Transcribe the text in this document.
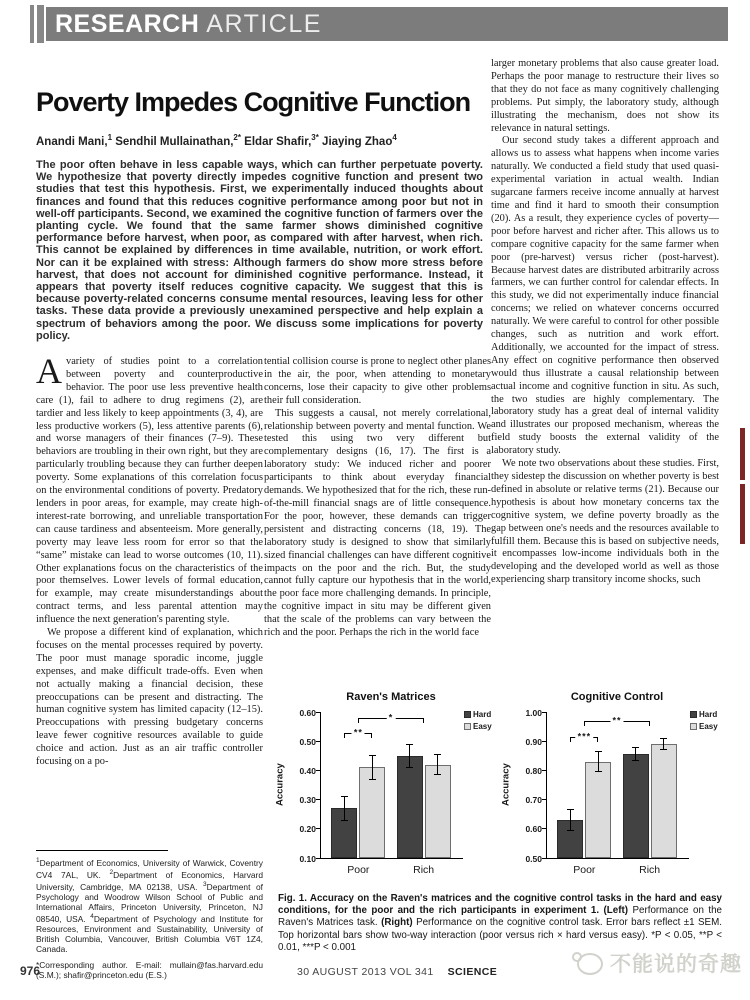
RESEARCH ARTICLE
Poverty Impedes Cognitive Function
Anandi Mani,$^1$ Sendhil Mullainathan,$^{2*}$ Eldar Shafir,$^{3*}$ Jiaying Zhao$^4$
The poor often behave in less capable ways, which can further perpetuate poverty. We hypothesize that poverty directly impedes cognitive function and present two studies that test this hypothesis. First, we experimentally induced thoughts about finances and found that this reduces cognitive performance among poor but not in well-off participants. Second, we examined the cognitive function of farmers over the planting cycle. We found that the same farmer shows diminished cognitive performance before harvest, when poor, as compared with after harvest, when rich. This cannot be explained by differences in time available, nutrition, or work effort. Nor can it be explained with stress: Although farmers do show more stress before harvest, that does not account for diminished cognitive performance. Instead, it appears that poverty itself reduces cognitive capacity. We suggest that this is because poverty-related concerns consume mental resources, leaving less for other tasks. These data provide a previously unexamined perspective and help explain a spectrum of behaviors among the poor. We discuss some implications for poverty policy.

Avariety of studies point to a correlation between poverty and counterproductive behavior. The poor use less preventive health care (1), fail to adhere to drug regimens (2), are tardier and less likely to keep appointments (3, 4), are less productive workers (5), less attentive parents (6), and worse managers of their finances (7–9). These behaviors are troubling in their own right, but they are particularly troubling because they can further deepen poverty. Some explanations of this correlation focus on the environmental conditions of poverty. Predatory lenders in poor areas, for example, may create high-interest-rate borrowing, and unreliable transportation can cause tardiness and absenteeism. More generally, poverty may leave less room for error so that the “same” mistake can lead to worse outcomes (10, 11). Other explanations focus on the characteristics of the poor themselves. Lower levels of formal education, for example, may create misunderstandings about contract terms, and less parental attention may influence the next generation's parenting style.

We propose a different kind of explanation, which focuses on the mental processes required by poverty. The poor must manage sporadic income, juggle expenses, and make difficult trade-offs. Even when not actually making a financial decision, these preoccupations can be present and distracting. The human cognitive system has limited capacity (12–15). Preoccupations with pressing budgetary concerns leave fewer cognitive resources available to guide choice and action. Just as an air traffic controller focusing on a po-

tential collision course is prone to neglect other planes in the air, the poor, when attending to monetary concerns, lose their capacity to give other problems their full consideration.

This suggests a causal, not merely correlational, relationship between poverty and mental function. We tested this using two very different but complementary designs (16, 17). The first is a laboratory study: We induced richer and poorer participants to think about everyday financial demands. We hypothesized that for the rich, these run-of-the-mill financial snags are of little consequence. For the poor, however, these demands can trigger persistent and distracting concerns (18, 19). The laboratory study is designed to show that similarly sized financial challenges can have different cognitive impacts on the poor and the rich. But, the study cannot fully capture our hypothesis that in the world, the poor face more challenging demands. In principle, the cognitive impact in situ may be different given that the scale of the problems can vary between the rich and the poor. Perhaps the rich in the world face

larger monetary problems that also cause greater load. Perhaps the poor manage to restructure their lives so that they do not face as many cognitively challenging problems. Put simply, the laboratory study, although illustrating the mechanism, does not show its relevance in natural settings.

Our second study takes a different approach and allows us to assess what happens when income varies naturally. We conducted a field study that used quasi-experimental variation in actual wealth. Indian sugarcane farmers receive income annually at harvest time and find it hard to smooth their consumption (20). As a result, they experience cycles of poverty—poor before harvest and richer after. This allows us to compare cognitive capacity for the same farmer when poor (pre-harvest) versus richer (post-harvest). Because harvest dates are distributed arbitrarily across farmers, we can further control for calendar effects. In this study, we did not experimentally induce financial concerns; we relied on whatever concerns occurred naturally. We were careful to control for other possible changes, such as nutrition and work effort. Additionally, we accounted for the impact of stress. Any effect on cognitive performance then observed would thus illustrate a causal relationship between actual income and cognitive function in situ. As such, the two studies are highly complementary. The laboratory study has a great deal of internal validity and illustrates our proposed mechanism, whereas the field study boosts the external validity of the laboratory study.

We note two observations about these studies. First, they sidestep the discussion on whether poverty is best defined in absolute or relative terms (21). Because our hypothesis is about how monetary concerns tax the cognitive system, we define poverty broadly as the gap between one's needs and the resources available to fulfill them. Because this is based on subjective needs, it encompasses low-income individuals both in the developing and the developed world as well as those experiencing sharp transitory income shocks, such

$^1$Department of Economics, University of Warwick, Coventry CV4 7AL, UK. $^2$Department of Economics, Harvard University, Cambridge, MA 02138, USA. $^3$Department of Psychology and Woodrow Wilson School of Public and International Affairs, Princeton University, Princeton, NJ 08540, USA. $^4$Department of Psychology and Institute for Resources, Environment and Sustainability, University of British Columbia, Vancouver, British Columbia V6T 1Z4, Canada.
*Corresponding author. E-mail: mullain@fas.harvard.edu (S.M.); shafir@princeton.edu (E.S.)
Raven's Matrices
Accuracy
0.10
0.20
0.30
0.40
0.50
0.60
Poor	Rich
Hard
Easy
**
*
Cognitive Control
Accuracy
0.50
0.60
0.70
0.80
0.90
1.00
Poor	Rich
Hard
Easy
***
**
Fig. 1. Accuracy on the Raven's matrices and the cognitive control tasks in the hard and easy conditions, for the poor and the rich participants in experiment 1. (Left) Performance on the Raven's Matrices task. (Right) Performance on the cognitive control task. Error bars reflect ±1 SEM. Top horizontal bars show two-way interaction (poor versus rich × hard versus easy). *P < 0.05, **P < 0.01, ***P < 0.001
976	30 AUGUST 2013 VOL 341 SCIENCE	不能说的奇趣
